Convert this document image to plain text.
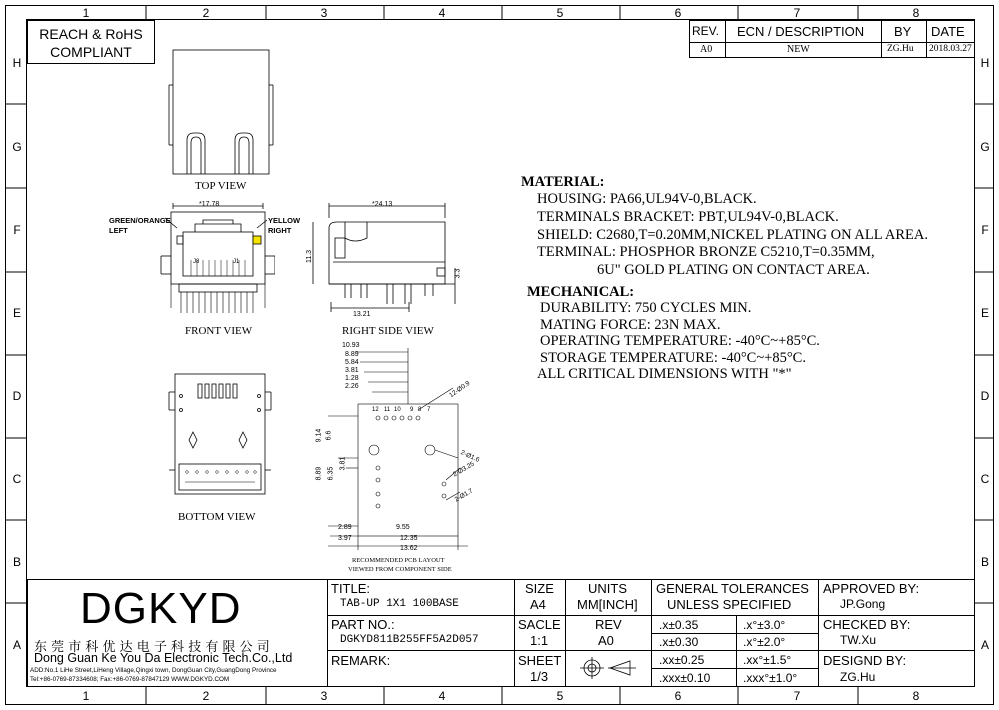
1	2	3	4	5	6	7	8
1	2	3	4	5	6	7	8
H
G
F
E
D
C
B
A
H
G
F
E
D
C
B
A
REACH & RoHS
COMPLIANT
REV. ECN / DESCRIPTION BY DATE
A0	NEW	ZG.Hu 2018.03.27
TOP VIEW
*17.78
GREEN/ORANGE
LEFT
YELLOW
RIGHT
J8	J1
FRONT VIEW
*24.13
11.3
3.3
13.21
RIGHT SIDE VIEW
BOTTOM VIEW
10.93
8.89
5.84
3.81
1.28
2.26
12 11 10 9 8 7
9.14 6.6
8.89 6.35
3.81
12-Ø0.9
2-Ø1.6
2-Ø3.25
2-Ø1.7
2.89	9.55
3.97	12.35
13.62
RECOMMENDED PCB LAYOUT
VIEWED FROM COMPONENT SIDE
MATERIAL:
HOUSING: PA66,UL94V-0,BLACK.
TERMINALS BRACKET: PBT,UL94V-0,BLACK.
SHIELD: C2680,T=0.20MM,NICKEL PLATING ON ALL AREA.
TERMINAL: PHOSPHOR BRONZE C5210,T=0.35MM,
6U" GOLD PLATING ON CONTACT AREA.
MECHANICAL:
DURABILITY: 750 CYCLES MIN.
MATING FORCE: 23N MAX.
OPERATING TEMPERATURE: -40°C~+85°C.
STORAGE TEMPERATURE: -40°C~+85°C.
ALL CRITICAL DIMENSIONS WITH "*"
DGKYD
东 莞 市 科 优 达 电 子 科 技 有 限 公 司
Dong Guan Ke You Da Electronic Tech.Co.,Ltd
ADD:No.1 LiHe Street,LiHeng Village,Qingxi town, DongGuan City,GuangDong Province
Tel:+86-0769-87334608; Fax:+86-0769-87847129 WWW.DGKYD.COM
TITLE:
TAB-UP 1X1 100BASE
PART NO.:
DGKYD811B255FF5A2D057
REMARK:
SIZE
A4
UNITS
MM[INCH]
SACLE
1:1
REV
A0
SHEET
1/3
GENERAL TOLERANCES
UNLESS SPECIFIED
.x±0.35	.x°±3.0°
.x±0.30	.x°±2.0°
.xx±0.25	.xx°±1.5°
.xxx±0.10	.xxx°±1.0°
APPROVED BY:
JP.Gong
CHECKED BY:
TW.Xu
DESIGND BY:
ZG.Hu
